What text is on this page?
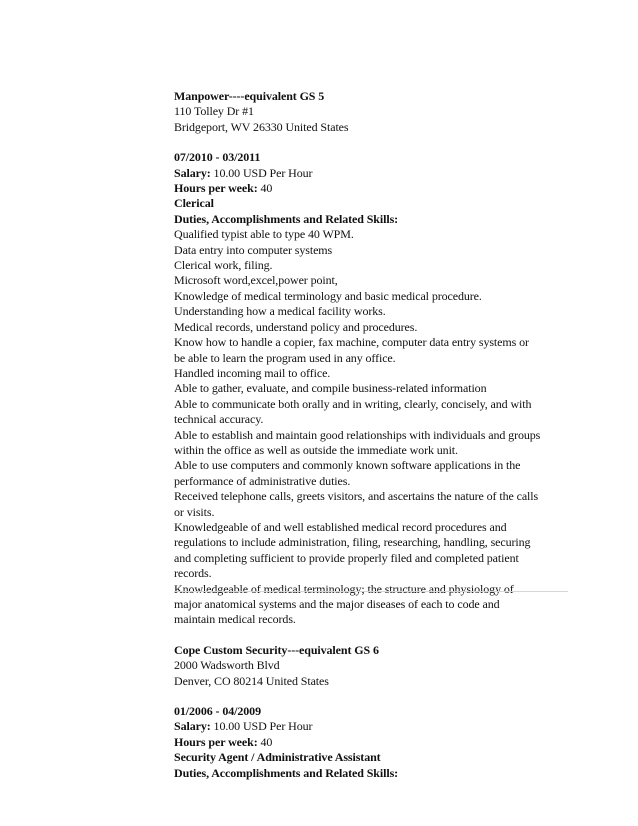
Manpower----equivalent GS 5
110 Tolley Dr #1
Bridgeport, WV 26330 United States
07/2010 - 03/2011
Salary: 10.00 USD Per Hour
Hours per week: 40
Clerical
Duties, Accomplishments and Related Skills:
Qualified typist able to type 40 WPM.
Data entry into computer systems
Clerical work, filing.
Microsoft word,excel,power point,
Knowledge of medical terminology and basic medical procedure.
Understanding how a medical facility works.
Medical records, understand policy and procedures.
Know how to handle a copier, fax machine, computer data entry systems or
be able to learn the program used in any office.
Handled incoming mail to office.
Able to gather, evaluate, and compile business-related information
Able to communicate both orally and in writing, clearly, concisely, and with
technical accuracy.
Able to establish and maintain good relationships with individuals and groups
within the office as well as outside the immediate work unit.
Able to use computers and commonly known software applications in the
performance of administrative duties.
Received telephone calls, greets visitors, and ascertains the nature of the calls
or visits.
Knowledgeable of and well established medical record procedures and
regulations to include administration, filing, researching, handling, securing
and completing sufficient to provide properly filed and completed patient
records.
Knowledgeable of medical terminology; the structure and physiology of
major anatomical systems and the major diseases of each to code and
maintain medical records.
Cope Custom Security---equivalent GS 6
2000 Wadsworth Blvd
Denver, CO 80214 United States
01/2006 - 04/2009
Salary: 10.00 USD Per Hour
Hours per week: 40
Security Agent / Administrative Assistant
Duties, Accomplishments and Related Skills:
